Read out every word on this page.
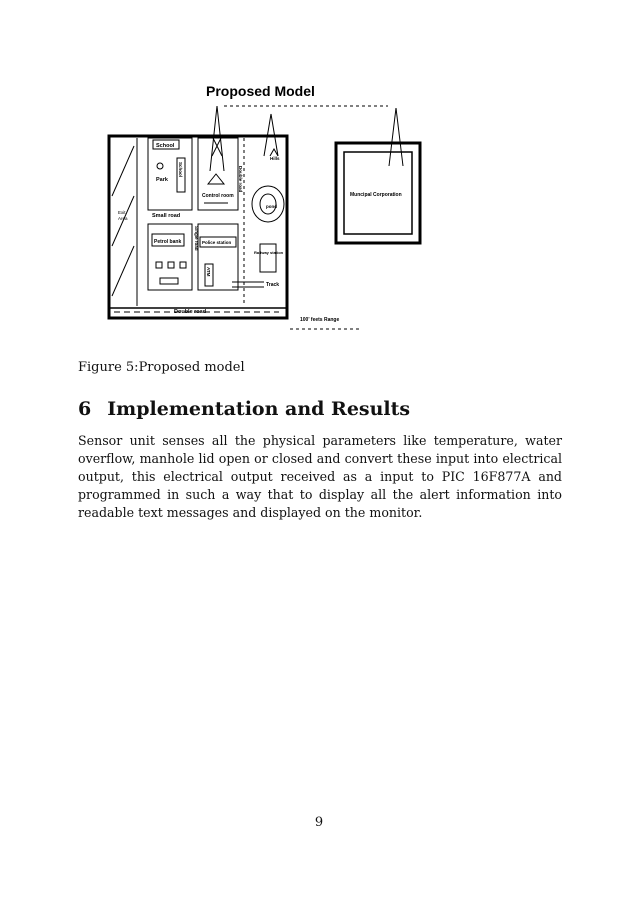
Proposed Model
Double road
Exit
Area
School
School
Park
Small road
Control room
Petrol bank	Police station
ATM
Single road
Double road
Hills
pond
Railway station
Track
Muncipal Corporation
100' feets Range
Figure 5:Proposed model
6 Implementation and Results

Sensor unit senses all the physical parameters like temperature, water overflow, manhole lid open or closed and convert these input into electrical output, this electrical output received as a input to PIC 16F877A and programmed in such a way that to display all the alert information into readable text messages and displayed on the monitor.

9
